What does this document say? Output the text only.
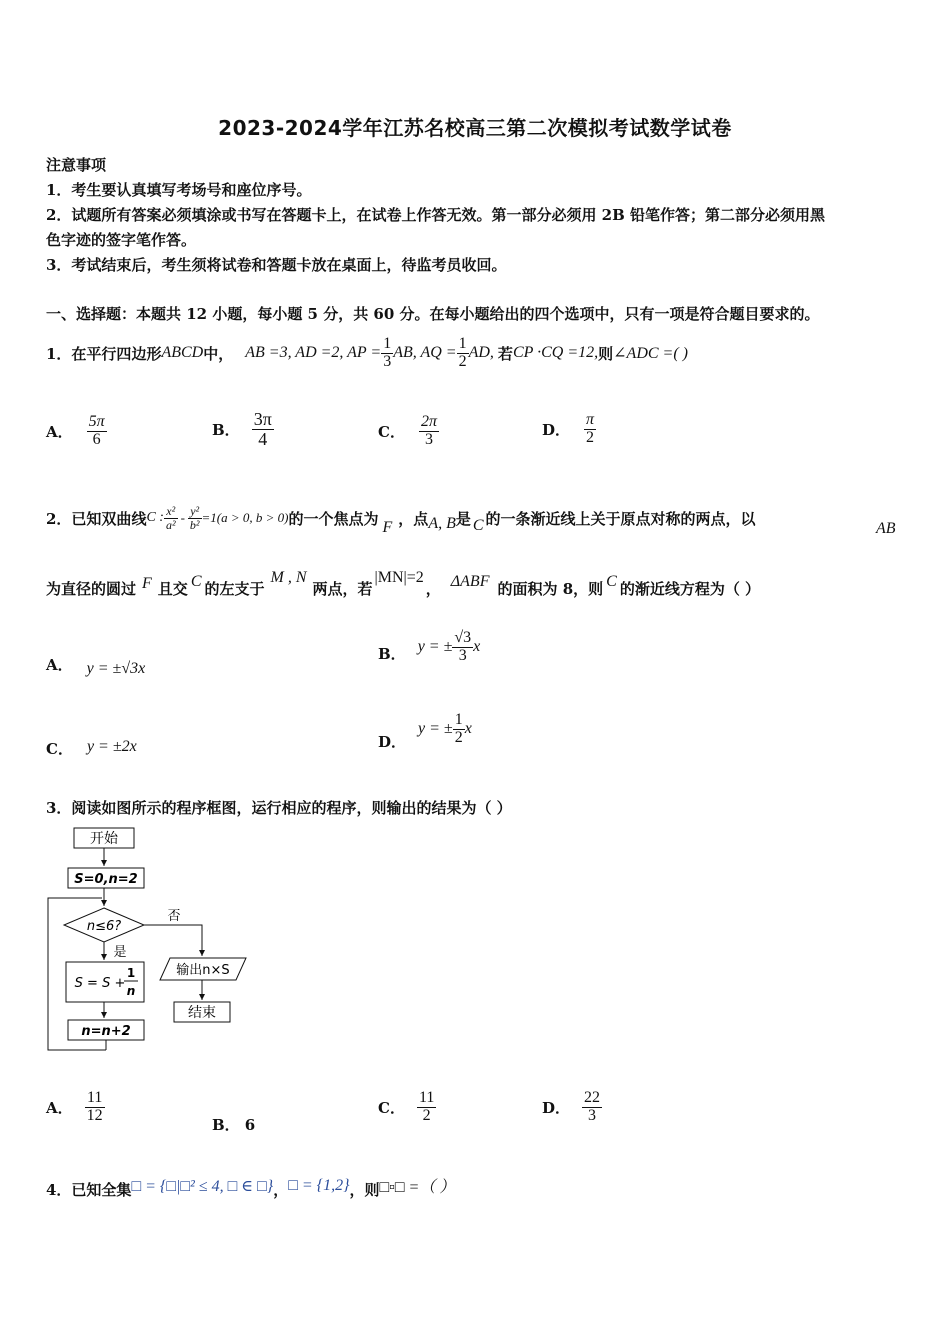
2023-2024学年江苏名校高三第二次模拟考试数学试卷
注意事项
1．考生要认真填写考场号和座位序号。
2．试题所有答案必须填涂或书写在答题卡上，在试卷上作答无效。第一部分必须用 2B 铅笔作答；第二部分必须用黑
色字迹的签字笔作答。
3．考试结束后，考生须将试卷和答题卡放在桌面上，待监考员收回。
一、选择题：本题共 12 小题，每小题 5 分，共 60 分。在每小题给出的四个选项中，只有一项是符合题目要求的。
1．在平行四边形 ABCD 中， AB =3, AD =2, AP = $\frac{1}{3}$ AB, AQ = $\frac{1}{2}$ AD, 若 CP ·CQ =12, 则 ∠ADC =( )
A． $\frac{5\pi}{6}$	B． $\frac{3\pi}{4}$	C． $\frac{2\pi}{3}$	D． $\frac{\pi}{2}$
2．已知双曲线 C : $\frac{\text{x²}}{\text{a²}} - \frac{\text{y²}}{\text{b²}} =1(a > 0$, b > 0) 的一个焦点为 F ，点 A, B 是 C 的一条渐近线上关于原点对称的两点，以
AB
为直径的圆过 F 且交 C 的左支于
M , N
两点，若
|MN|=2
， ΔABF 的面积为 8，则 C 的渐近线方程为（ ）
A． y = ±√3x
B． y = ± $\frac{√3}{3}$ x
C． y = ±2x	D．
y = ± $\frac{1}{2}$ x
3．阅读如图所示的程序框图，运行相应的程序，则输出的结果为（ ）
开始
S=0,n=2
n≤6?
否
是
S = S +
1
n
n=n+2
输出n×S
结束
A． $\frac{11}{12}$
B． 6
C． $\frac{11}{2}$	D． $\frac{22}{3}$
4．已知全集 □ = {□|□² ≤ 4, □ ∈ □} ， □ = {1,2} ，则 □▫□ =（ ）
